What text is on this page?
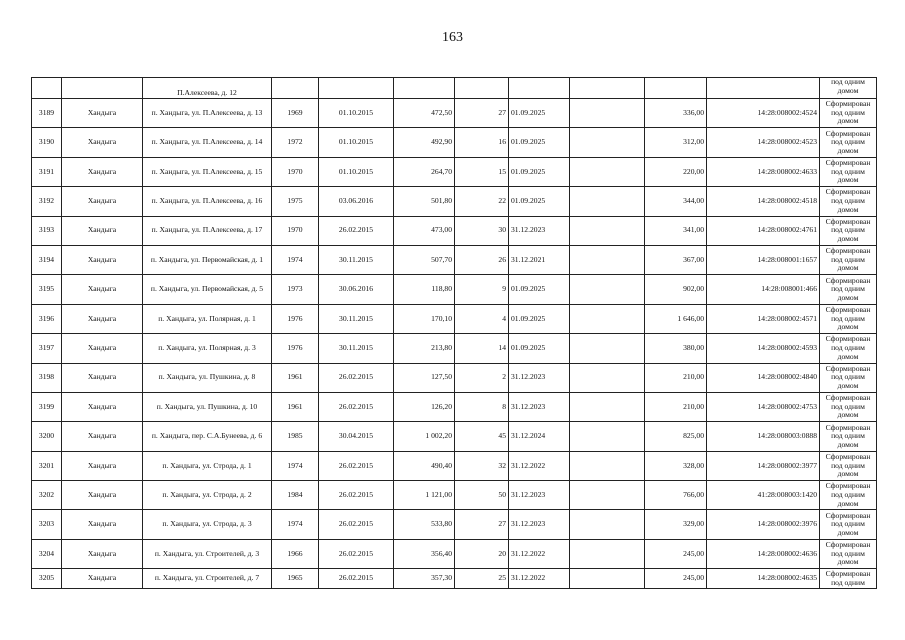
163
		П.Алексеева, д. 12									под одним домом
3189	Хандыга	п. Хандыга, ул. П.Алексеева, д. 13	1969	01.10.2015	472,50	27	01.09.2025		336,00	14:28:008002:4524	Сформирован под одним домом
3190	Хандыга	п. Хандыга, ул. П.Алексеева, д. 14	1972	01.10.2015	492,90	16	01.09.2025		312,00	14:28:008002:4523	Сформирован под одним домом
3191	Хандыга	п. Хандыга, ул. П.Алексеева, д. 15	1970	01.10.2015	264,70	15	01.09.2025		220,00	14:28:008002:4633	Сформирован под одним домом
3192	Хандыга	п. Хандыга, ул. П.Алексеева, д. 16	1975	03.06.2016	501,80	22	01.09.2025		344,00	14:28:008002:4518	Сформирован под одним домом
3193	Хандыга	п. Хандыга, ул. П.Алексеева, д. 17	1970	26.02.2015	473,00	30	31.12.2023		341,00	14:28:008002:4761	Сформирован под одним домом
3194	Хандыга	п. Хандыга, ул. Первомайская, д. 1	1974	30.11.2015	507,70	26	31.12.2021		367,00	14:28:008001:1657	Сформирован под одним домом
3195	Хандыга	п. Хандыга, ул. Первомайская, д. 5	1973	30.06.2016	118,80	9	01.09.2025		902,00	14:28:008001:466	Сформирован под одним домом
3196	Хандыга	п. Хандыга, ул. Полярная, д. 1	1976	30.11.2015	170,10	4	01.09.2025		1 646,00	14:28:008002:4571	Сформирован под одним домом
3197	Хандыга	п. Хандыга, ул. Полярная, д. 3	1976	30.11.2015	213,80	14	01.09.2025		380,00	14:28:008002:4593	Сформирован под одним домом
3198	Хандыга	п. Хандыга, ул. Пушкина, д. 8	1961	26.02.2015	127,50	2	31.12.2023		210,00	14:28:008002:4840	Сформирован под одним домом
3199	Хандыга	п. Хандыга, ул. Пушкина, д. 10	1961	26.02.2015	126,20	8	31.12.2023		210,00	14:28:008002:4753	Сформирован под одним домом
3200	Хандыга	п. Хандыга, пер. С.А.Бунеева, д. 6	1985	30.04.2015	1 002,20	45	31.12.2024		825,00	14:28:008003:0888	Сформирован под одним домом
3201	Хандыга	п. Хандыга, ул. Строда, д. 1	1974	26.02.2015	490,40	32	31.12.2022		328,00	14:28:008002:3977	Сформирован под одним домом
3202	Хандыга	п. Хандыга, ул. Строда, д. 2	1984	26.02.2015	1 121,00	50	31.12.2023		766,00	41:28:008003:1420	Сформирован под одним домом
3203	Хандыга	п. Хандыга, ул. Строда, д. 3	1974	26.02.2015	533,80	27	31.12.2023		329,00	14:28:008002:3976	Сформирован под одним домом
3204	Хандыга	п. Хандыга, ул. Строителей, д. 3	1966	26.02.2015	356,40	20	31.12.2022		245,00	14:28:008002:4636	Сформирован под одним домом
3205	Хандыга	п. Хандыга, ул. Строителей, д. 7	1965	26.02.2015	357,30	25	31.12.2022		245,00	14:28:008002:4635	Сформирован под одним
